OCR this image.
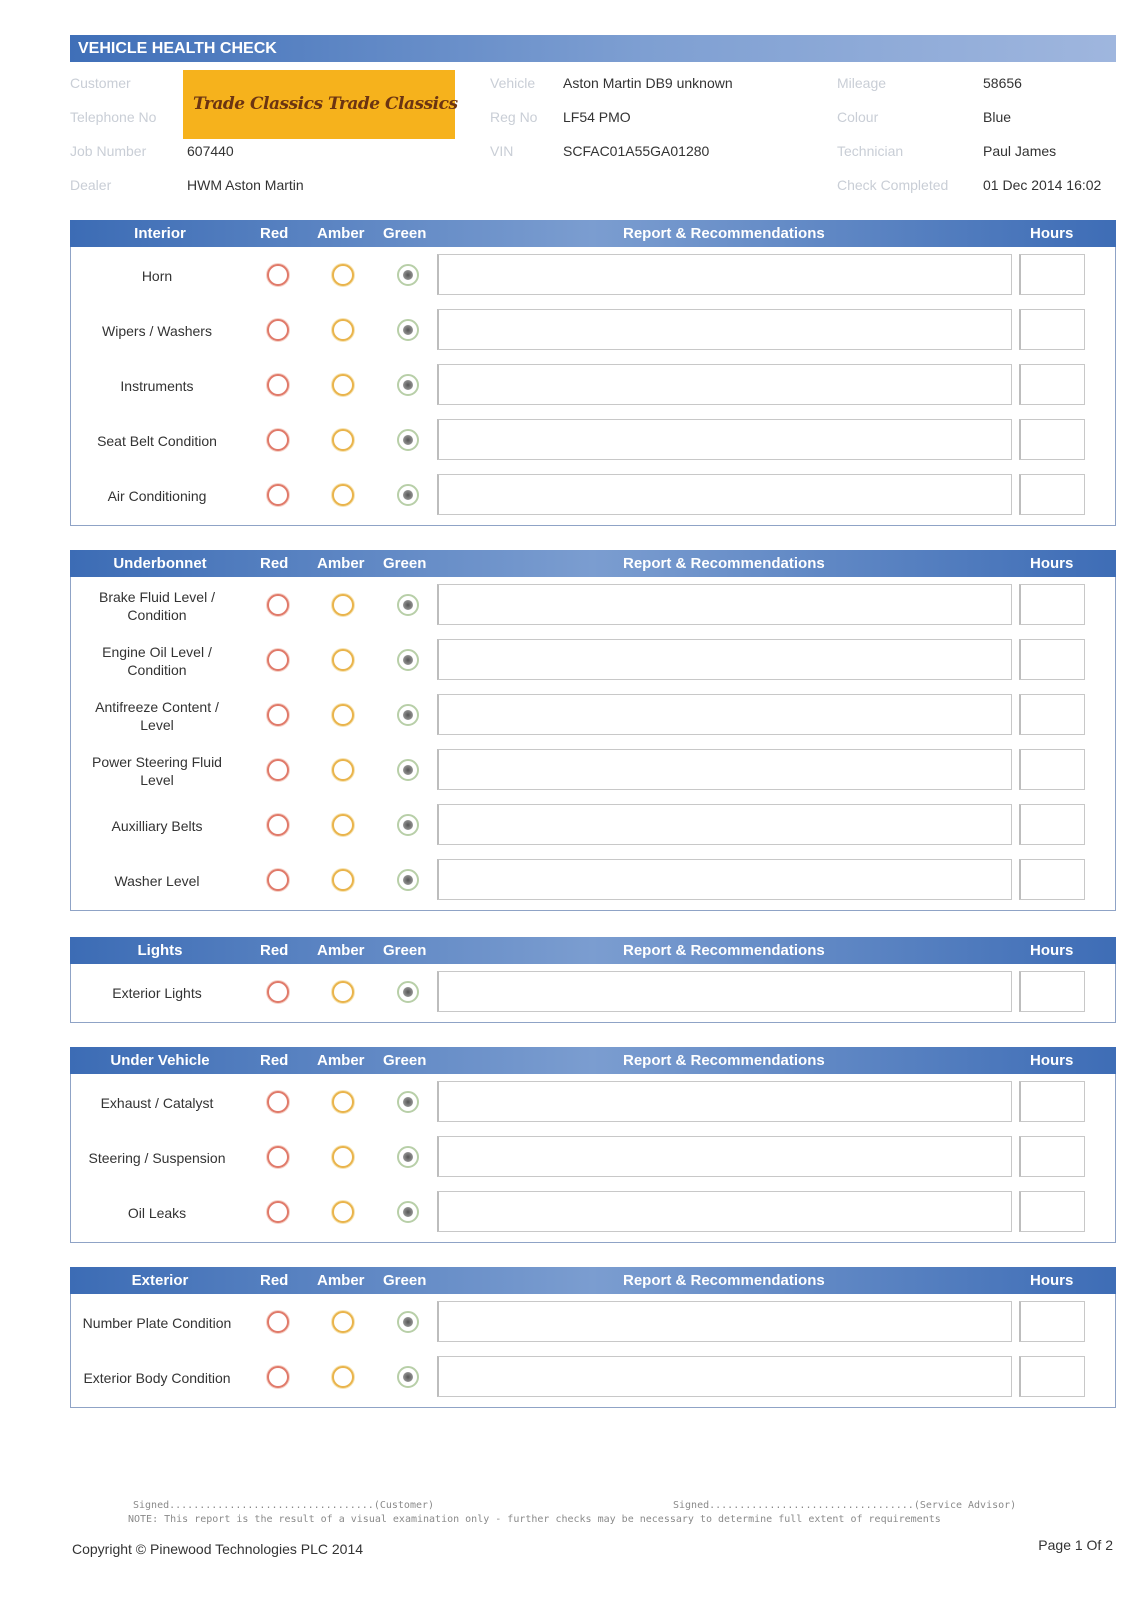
VEHICLE HEALTH CHECK
Customer
Telephone No
Job Number	607440
Dealer	HWM Aston Martin
Trade Classics Trade Classics
Vehicle Aston Martin DB9 unknown
Reg No LF54 PMO
VIN	SCFAC01A55GA01280
Mileage	58656
Colour	Blue
Technician	Paul James
Check Completed 01 Dec 2014 16:02
Interior	Red Amber Green	Report & Recommendations	Hours
Horn
Wipers / Washers
Instruments
Seat Belt Condition
Air Conditioning
Underbonnet	Red Amber Green	Report & Recommendations	Hours
Brake Fluid Level / Condition
Engine Oil Level / Condition
Antifreeze Content / Level
Power Steering Fluid Level
Auxilliary Belts
Washer Level
Lights	Red Amber Green	Report & Recommendations	Hours
Exterior Lights
Under Vehicle	Red Amber Green	Report & Recommendations	Hours
Exhaust / Catalyst
Steering / Suspension
Oil Leaks
Exterior	Red Amber Green	Report & Recommendations	Hours
Number Plate Condition
Exterior Body Condition
Signed..................................(Customer)	Signed..................................(Service Advisor)
NOTE: This report is the result of a visual examination only - further checks may be necessary to determine full extent of requirements
Copyright © Pinewood Technologies PLC 2014	Page 1 Of 2
